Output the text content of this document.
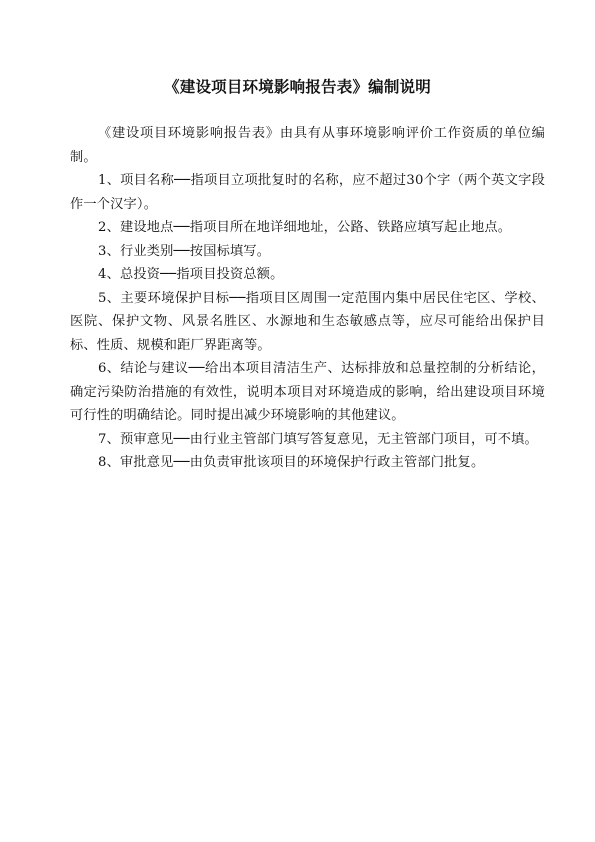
《建设项目环境影响报告表》编制说明

《建设项目环境影响报告表》由具有从事环境影响评价工作资质的单位编制。

1、项目名称──指项目立项批复时的名称，应不超过30个字（两个英文字段作一个汉字）。

2、建设地点──指项目所在地详细地址，公路、铁路应填写起止地点。

3、行业类别──按国标填写。

4、总投资──指项目投资总额。

5、主要环境保护目标──指项目区周围一定范围内集中居民住宅区、学校、医院、保护文物、风景名胜区、水源地和生态敏感点等，应尽可能给出保护目标、性质、规模和距厂界距离等。

6、结论与建议──给出本项目清洁生产、达标排放和总量控制的分析结论，确定污染防治措施的有效性，说明本项目对环境造成的影响，给出建设项目环境可行性的明确结论。同时提出减少环境影响的其他建议。

7、预审意见──由行业主管部门填写答复意见，无主管部门项目，可不填。

8、审批意见──由负责审批该项目的环境保护行政主管部门批复。
